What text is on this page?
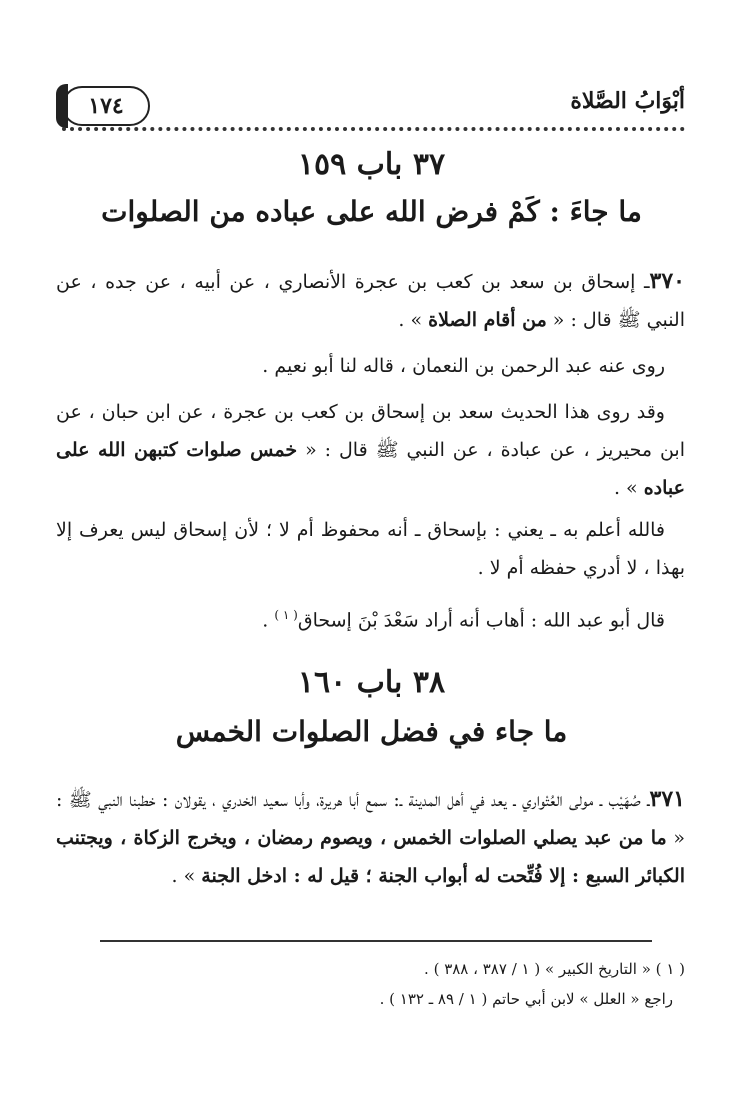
١٧٤	أبْوَابُ الصَّلاة
٣٧ باب ١٥٩
ما جاءَ : كَمْ فرض الله على عباده من الصلوات
٣٧٠ـ إسحاق بن سعد بن كعب بن عجرة الأنصاري ، عن أبيه ، عن جده ، عن النبي ﷺ قال : « من أقام الصلاة » .
روى عنه عبد الرحمن بن النعمان ، قاله لنا أبو نعيم .
وقد روى هذا الحديث سعد بن إسحاق بن كعب بن عجرة ، عن ابن حبان ، عن ابن محيريز ، عن عبادة ، عن النبي ﷺ قال : « خمس صلوات كتبهن الله على عباده » .
فالله أعلم به ـ يعني : بإسحاق ـ أنه محفوظ أم لا ؛ لأن إسحاق ليس يعرف إلا بهذا ، لا أدري حفظه أم لا .
قال أبو عبد الله : أهاب أنه أراد سَعْدَ بْنَ إسحاق$^{( ١ )}$ .
٣٨ باب ١٦٠
ما جاء في فضل الصلوات الخمس
٣٧١ـ صُهَيْب ـ مولى العُتْواري ـ يعد في أهل المدينة ـ: سمع أبا هريرة، وأبا سعيد الخدري ، يقولان : خطبنا النبي ﷺ : « ما من عبد يصلي الصلوات الخمس ، ويصوم رمضان ، ويخرج الزكاة ، ويجتنب الكبائر السبع : إلا فُتِّحت له أبواب الجنة ؛ قيل له : ادخل الجنة » .
( ١ ) « التاريخ الكبير » ( ١ / ٣٨٧ ، ٣٨٨ ) .
راجع « العلل » لابن أبي حاتم ( ١ / ٨٩ ـ ١٣٢ ) .
